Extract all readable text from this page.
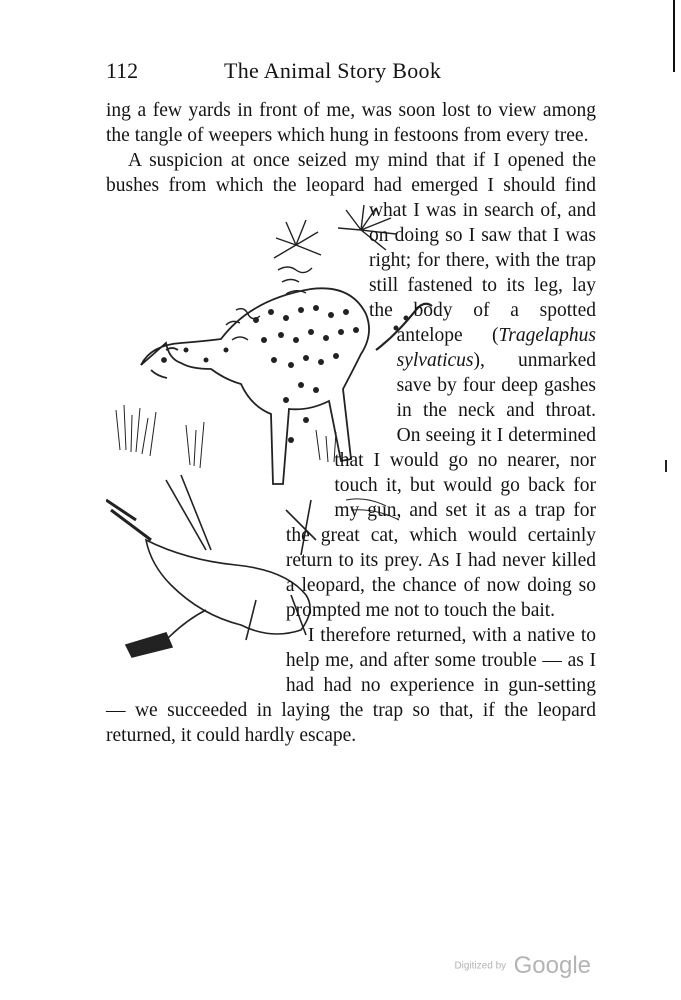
112	The Animal Story Book

ing a few yards in front of me, was soon lost to view among the tangle of weepers which hung in festoons from every tree.

A suspicion at once seized my mind that if I opened the bushes from which the leopard had emerged I should find what I was in search of, and on doing so I saw that I was right; for there, with the trap still fastened to its leg, lay the body of a spotted antelope (Tragelaphus sylvaticus), unmarked save by four deep gashes in the neck and throat. On seeing it I determined that I would go no nearer, nor touch it, but would go back for my gun, and set it as a trap for the great cat, which would certainly return to its prey. As I had never killed a leopard, the chance of now doing so prompted me not to touch the bait.

I therefore returned, with a native to help me, and after some trouble — as I had had no experience in gun-setting — we succeeded in laying the trap so that, if the leopard returned, it could hardly escape.

Digitized by Google
